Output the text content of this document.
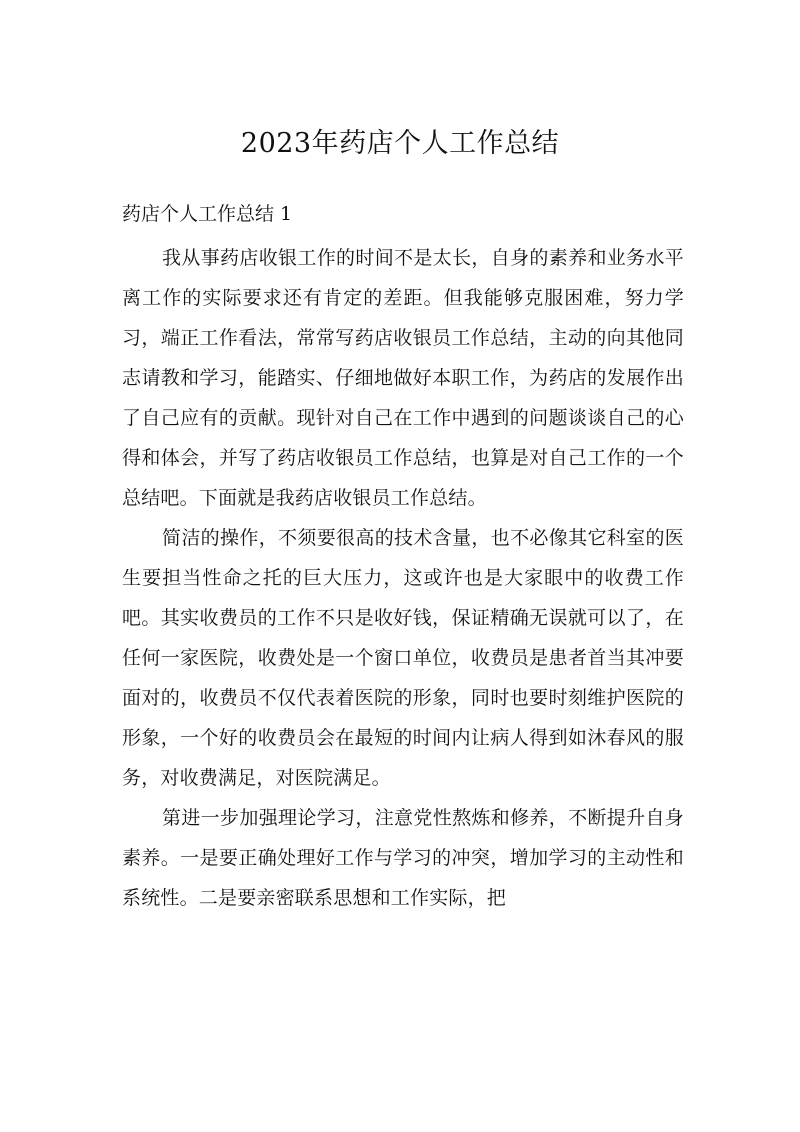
2023年药店个人工作总结
药店个人工作总结 1

我从事药店收银工作的时间不是太长，自身的素养和业务水平离工作的实际要求还有肯定的差距。但我能够克服困难，努力学习，端正工作看法，常常写药店收银员工作总结，主动的向其他同志请教和学习，能踏实、仔细地做好本职工作，为药店的发展作出了自己应有的贡献。现针对自己在工作中遇到的问题谈谈自己的心得和体会，并写了药店收银员工作总结，也算是对自己工作的一个总结吧。下面就是我药店收银员工作总结。

简洁的操作，不须要很高的技术含量，也不必像其它科室的医生要担当性命之托的巨大压力，这或许也是大家眼中的收费工作吧。其实收费员的工作不只是收好钱，保证精确无误就可以了，在任何一家医院，收费处是一个窗口单位，收费员是患者首当其冲要面对的，收费员不仅代表着医院的形象，同时也要时刻维护医院的形象，一个好的收费员会在最短的时间内让病人得到如沐春风的服务，对收费满足，对医院满足。

第进一步加强理论学习，注意党性熬炼和修养，不断提升自身素养。一是要正确处理好工作与学习的冲突，增加学习的主动性和系统性。二是要亲密联系思想和工作实际，把
